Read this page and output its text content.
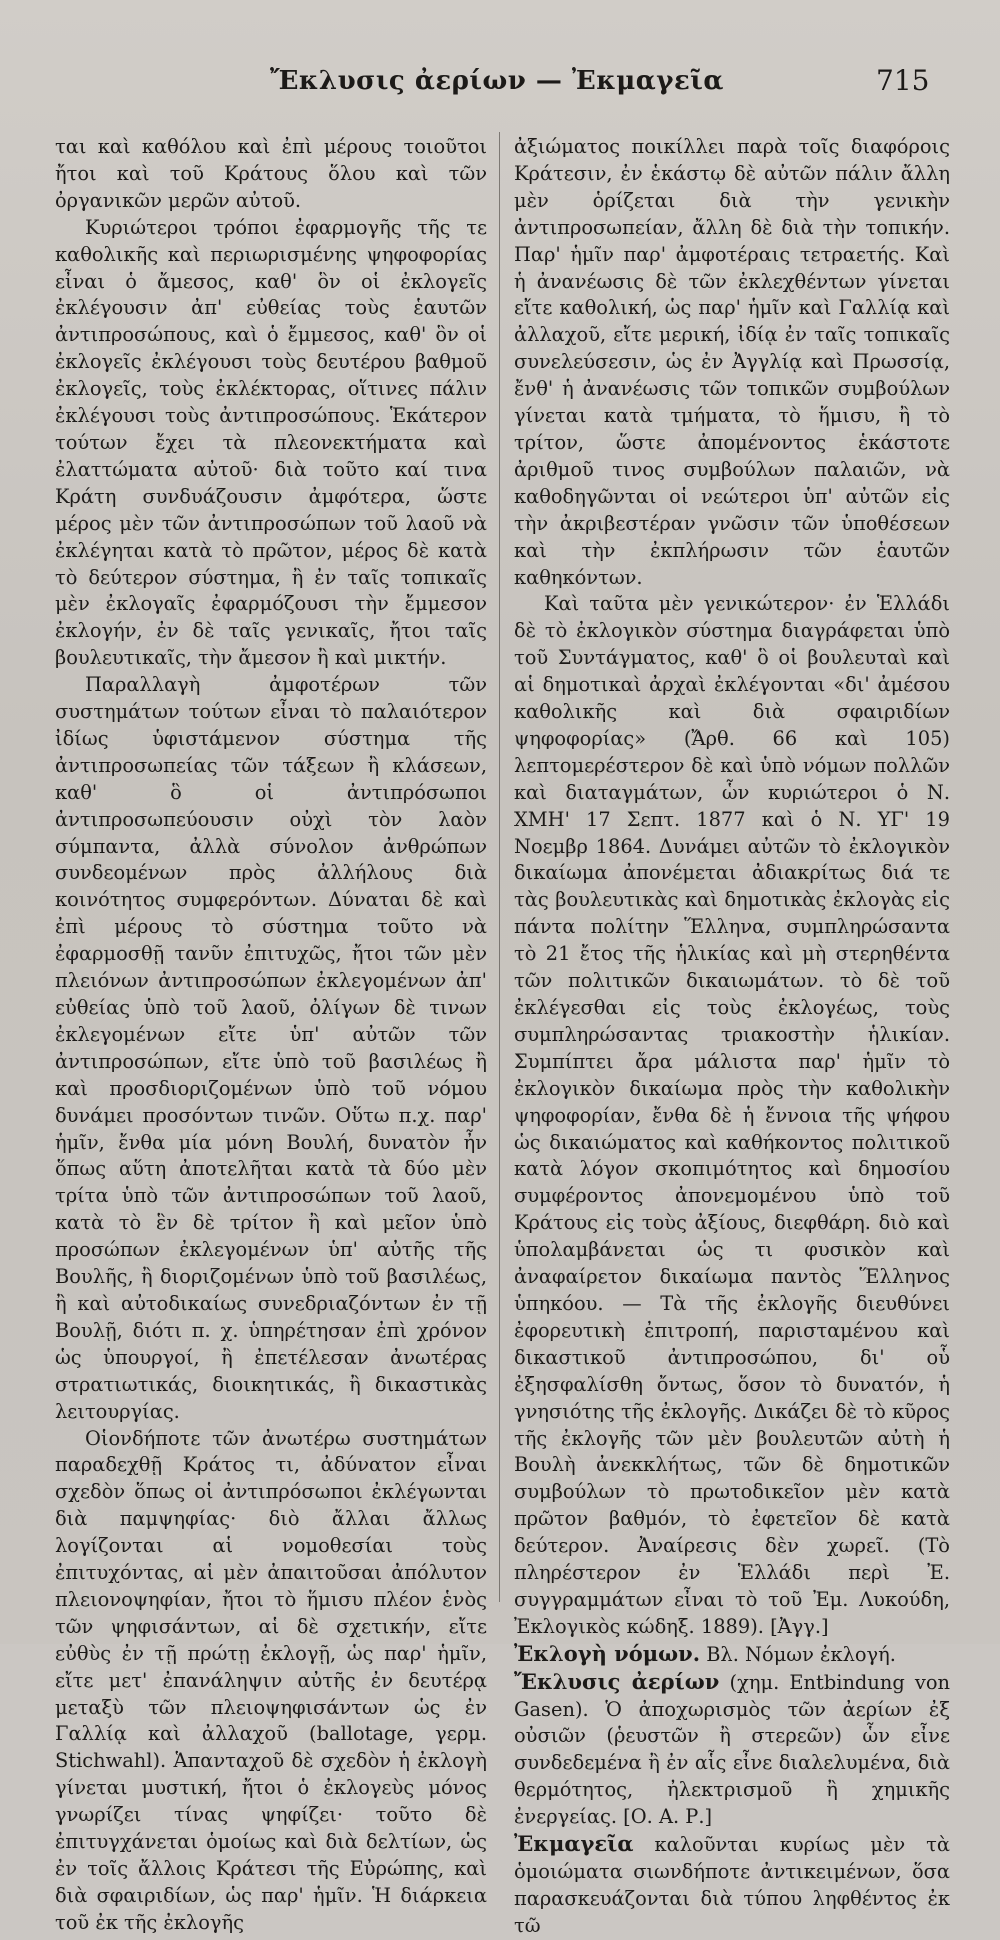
Ἔκλυσις ἀερίων — Ἐκμαγεῖα	715

ται καὶ καθόλου καὶ ἐπὶ μέρους τοιοῦτοι ἤτοι καὶ τοῦ Κράτους ὅλου καὶ τῶν ὀργανικῶν μερῶν αὐτοῦ.

Κυριώτεροι τρόποι ἐφαρμογῆς τῆς τε καθολικῆς καὶ περιωρισμένης ψηφοφορίας εἶναι ὁ ἄμεσος, καθ' ὃν οἱ ἐκλογεῖς ἐκλέγουσιν ἀπ' εὐθείας τοὺς ἑαυτῶν ἀντιπροσώπους, καὶ ὁ ἔμμεσος, καθ' ὃν οἱ ἐκλογεῖς ἐκλέγουσι τοὺς δευτέρου βαθμοῦ ἐκλογεῖς, τοὺς ἐκλέκτορας, οἵτινες πάλιν ἐκλέγουσι τοὺς ἀντιπροσώπους. Ἑκάτερον τούτων ἔχει τὰ πλεονεκτήματα καὶ ἐλαττώματα αὐτοῦ· διὰ τοῦτο καί τινα Κράτη συνδυάζουσιν ἀμφότερα, ὥστε μέρος μὲν τῶν ἀντιπροσώπων τοῦ λαοῦ νὰ ἐκλέγηται κατὰ τὸ πρῶτον, μέρος δὲ κατὰ τὸ δεύτερον σύστημα, ἢ ἐν ταῖς τοπικαῖς μὲν ἐκλογαῖς ἐφαρμόζουσι τὴν ἔμμεσον ἐκλογήν, ἐν δὲ ταῖς γενικαῖς, ἤτοι ταῖς βουλευτικαῖς, τὴν ἄμεσον ἢ καὶ μικτήν.

Παραλλαγὴ ἀμφοτέρων τῶν συστημάτων τούτων εἶναι τὸ παλαιότερον ἰδίως ὑφιστάμενον σύστημα τῆς ἀντιπροσωπείας τῶν τάξεων ἢ κλάσεων, καθ' ὃ οἱ ἀντιπρόσωποι ἀντιπροσωπεύουσιν οὐχὶ τὸν λαὸν σύμπαντα, ἀλλὰ σύνολον ἀνθρώπων συνδεομένων πρὸς ἀλλήλους διὰ κοινότητος συμφερόντων. Δύναται δὲ καὶ ἐπὶ μέρους τὸ σύστημα τοῦτο νὰ ἐφαρμοσθῇ τανῦν ἐπιτυχῶς, ἤτοι τῶν μὲν πλειόνων ἀντιπροσώπων ἐκλεγομένων ἀπ' εὐθείας ὑπὸ τοῦ λαοῦ, ὀλίγων δὲ τινων ἐκλεγομένων εἴτε ὑπ' αὐτῶν τῶν ἀντιπροσώπων, εἴτε ὑπὸ τοῦ βασιλέως ἢ καὶ προσδιοριζομένων ὑπὸ τοῦ νόμου δυνάμει προσόντων τινῶν. Οὕτω π.χ. παρ' ἡμῖν, ἔνθα μία μόνη Βουλή, δυνατὸν ἦν ὅπως αὕτη ἀποτελῆται κατὰ τὰ δύο μὲν τρίτα ὑπὸ τῶν ἀντιπροσώπων τοῦ λαοῦ, κατὰ τὸ ἓν δὲ τρίτον ἢ καὶ μεῖον ὑπὸ προσώπων ἐκλεγομένων ὑπ' αὐτῆς τῆς Βουλῆς, ἢ διοριζομένων ὑπὸ τοῦ βασιλέως, ἢ καὶ αὐτοδικαίως συνεδριαζόντων ἐν τῇ Βουλῇ, διότι π. χ. ὑπηρέτησαν ἐπὶ χρόνον ὡς ὑπουργοί, ἢ ἐπετέλεσαν ἀνωτέρας στρατιωτικάς, διοικητικάς, ἢ δικαστικὰς λειτουργίας.

Οἱονδήποτε τῶν ἀνωτέρω συστημάτων παραδεχθῇ Κράτος τι, ἀδύνατον εἶναι σχεδὸν ὅπως οἱ ἀντιπρόσωποι ἐκλέγωνται διὰ παμψηφίας· διὸ ἄλλαι ἄλλως λογίζονται αἱ νομοθεσίαι τοὺς ἐπιτυχόντας, αἱ μὲν ἀπαιτοῦσαι ἀπόλυτον πλειονοψηφίαν, ἤτοι τὸ ἥμισυ πλέον ἑνὸς τῶν ψηφισάντων, αἱ δὲ σχετικήν, εἴτε εὐθὺς ἐν τῇ πρώτῃ ἐκλογῇ, ὡς παρ' ἡμῖν, εἴτε μετ' ἐπανάληψιν αὐτῆς ἐν δευτέρᾳ μεταξὺ τῶν πλειοψηφισάντων ὡς ἐν Γαλλίᾳ καὶ ἀλλαχοῦ (ballotage, γερμ. Stichwahl). Ἁπανταχοῦ δὲ σχεδὸν ἡ ἐκλογὴ γίνεται μυστική, ἤτοι ὁ ἐκλογεὺς μόνος γνωρίζει τίνας ψηφίζει· τοῦτο δὲ ἐπιτυγχάνεται ὁμοίως καὶ διὰ δελτίων, ὡς ἐν τοῖς ἄλλοις Κράτεσι τῆς Εὐρώπης, καὶ διὰ σφαιριδίων, ὡς παρ' ἡμῖν. Ἡ διάρκεια τοῦ ἐκ τῆς ἐκλογῆς

ἀξιώματος ποικίλλει παρὰ τοῖς διαφόροις Κράτεσιν, ἐν ἑκάστῳ δὲ αὐτῶν πάλιν ἄλλη μὲν ὁρίζεται διὰ τὴν γενικὴν ἀντιπροσωπείαν, ἄλλη δὲ διὰ τὴν τοπικήν. Παρ' ἡμῖν παρ' ἀμφοτέραις τετραετής. Καὶ ἡ ἀνανέωσις δὲ τῶν ἐκλεχθέντων γίνεται εἴτε καθολική, ὡς παρ' ἡμῖν καὶ Γαλλίᾳ καὶ ἀλλαχοῦ, εἴτε μερική, ἰδίᾳ ἐν ταῖς τοπικαῖς συνελεύσεσιν, ὡς ἐν Ἀγγλίᾳ καὶ Πρωσσίᾳ, ἔνθ' ἡ ἀνανέωσις τῶν τοπικῶν συμβούλων γίνεται κατὰ τμήματα, τὸ ἥμισυ, ἢ τὸ τρίτον, ὥστε ἀπομένοντος ἑκάστοτε ἀριθμοῦ τινος συμβούλων παλαιῶν, νὰ καθοδηγῶνται οἱ νεώτεροι ὑπ' αὐτῶν εἰς τὴν ἀκριβεστέραν γνῶσιν τῶν ὑποθέσεων καὶ τὴν ἐκπλήρωσιν τῶν ἑαυτῶν καθηκόντων.

Καὶ ταῦτα μὲν γενικώτερον· ἐν Ἑλλάδι δὲ τὸ ἐκλογικὸν σύστημα διαγράφεται ὑπὸ τοῦ Συντάγματος, καθ' ὃ οἱ βουλευταὶ καὶ αἱ δημοτικαὶ ἀρχαὶ ἐκλέγονται «δι' ἀμέσου καθολικῆς καὶ διὰ σφαιριδίων ψηφοφορίας» (Ἄρθ. 66 καὶ 105) λεπτομερέστερον δὲ καὶ ὑπὸ νόμων πολλῶν καὶ διαταγμάτων, ὧν κυριώτεροι ὁ Ν. ΧΜΗ' 17 Σεπτ. 1877 καὶ ὁ Ν. ΥΓ' 19 Νοεμβρ 1864. Δυνάμει αὐτῶν τὸ ἐκλογικὸν δικαίωμα ἀπονέμεται ἀδιακρίτως διά τε τὰς βουλευτικὰς καὶ δημοτικὰς ἐκλογὰς εἰς πάντα πολίτην Ἕλληνα, συμπληρώσαντα τὸ 21 ἔτος τῆς ἡλικίας καὶ μὴ στερηθέντα τῶν πολιτικῶν δικαιωμάτων. τὸ δὲ τοῦ ἐκλέγεσθαι εἰς τοὺς ἐκλογέως, τοὺς συμπληρώσαντας τριακοστὴν ἡλικίαν. Συμπίπτει ἄρα μάλιστα παρ' ἡμῖν τὸ ἐκλογικὸν δικαίωμα πρὸς τὴν καθολικὴν ψηφοφορίαν, ἔνθα δὲ ἡ ἔννοια τῆς ψήφου ὡς δικαιώματος καὶ καθήκοντος πολιτικοῦ κατὰ λόγον σκοπιμότητος καὶ δημοσίου συμφέροντος ἀπονεμομένου ὑπὸ τοῦ Κράτους εἰς τοὺς ἀξίους, διεφθάρη. διὸ καὶ ὑπολαμβάνεται ὡς τι φυσικὸν καὶ ἀναφαίρετον δικαίωμα παντὸς Ἕλληνος ὑπηκόου. — Τὰ τῆς ἐκλογῆς διευθύνει ἐφορευτικὴ ἐπιτροπή, παρισταμένου καὶ δικαστικοῦ ἀντιπροσώπου, δι' οὗ ἐξησφαλίσθη ὄντως, ὅσον τὸ δυνατόν, ἡ γνησιότης τῆς ἐκλογῆς. Δικάζει δὲ τὸ κῦρος τῆς ἐκλογῆς τῶν μὲν βουλευτῶν αὐτὴ ἡ Βουλὴ ἀνεκκλήτως, τῶν δὲ δημοτικῶν συμβούλων τὸ πρωτοδικεῖον μὲν κατὰ πρῶτον βαθμόν, τὸ ἐφετεῖον δὲ κατὰ δεύτερον. Ἀναίρεσις δὲν χωρεῖ. (Τὸ πληρέστερον ἐν Ἑλλάδι περὶ Ἐ. συγγραμμάτων εἶναι τὸ τοῦ Ἐμ. Λυκούδη, Ἐκλογικὸς κώδηξ. 1889). [Ἀγγ.]

Ἐκλογὴ νόμων. Βλ. Νόμων ἐκλογή.

Ἔκλυσις ἀερίων (χημ. Entbindung von Gasen). Ὁ ἀποχωρισμὸς τῶν ἀερίων ἐξ οὐσιῶν (ῥευστῶν ἢ στερεῶν) ὧν εἶνε συνδεδεμένα ἢ ἐν αἷς εἶνε διαλελυμένα, διὰ θερμότητος, ἠλεκτρισμοῦ ἢ χημικῆς ἐνεργείας. [Ο. Α. Ρ.]

Ἐκμαγεῖα καλοῦνται κυρίως μὲν τὰ ὁμοιώματα σιωνδήποτε ἀντικειμένων, ὅσα παρασκευάζονται διὰ τύπου ληφθέντος ἐκ τῶ
